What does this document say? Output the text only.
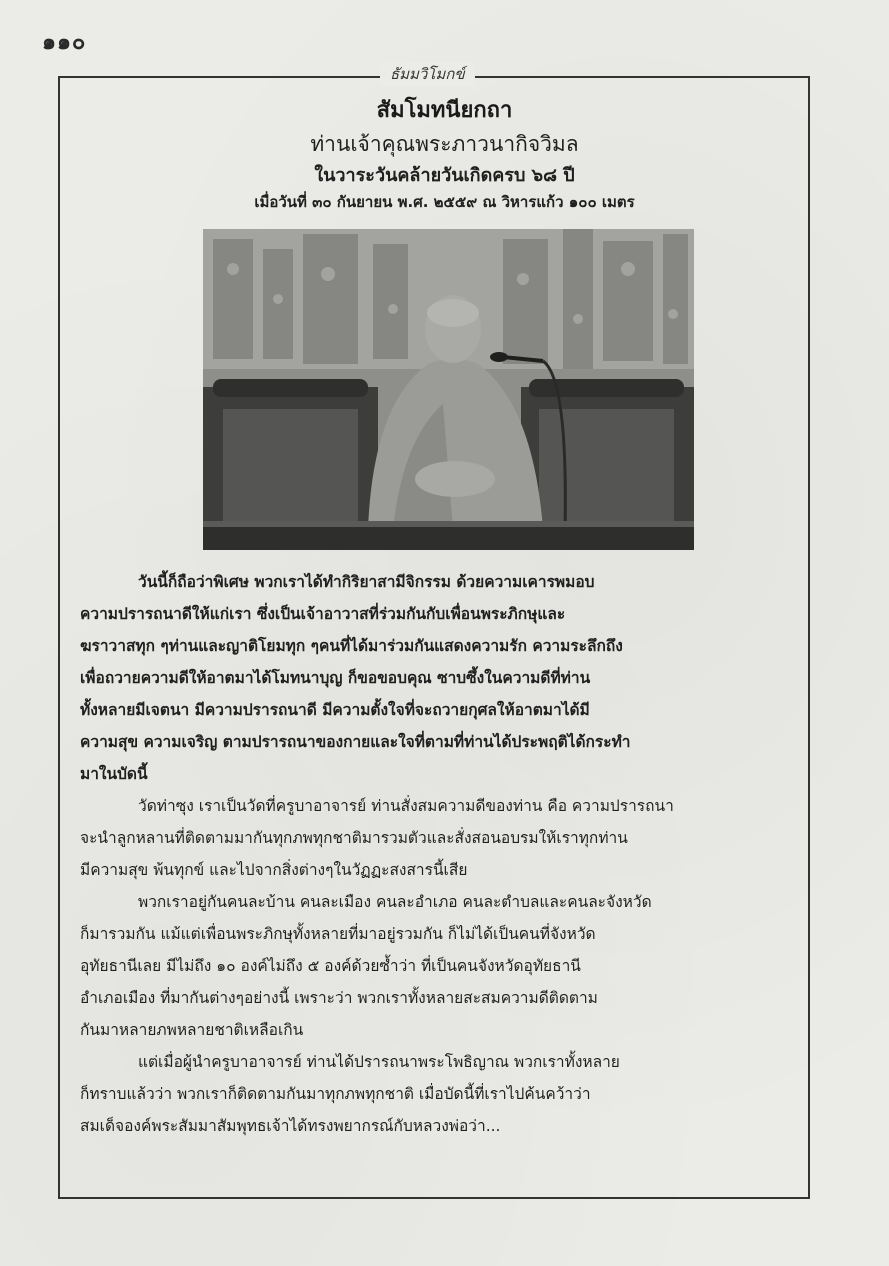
๑๑๐
ธัมมวิโมกข์
สัมโมทนียกถา
ท่านเจ้าคุณพระภาวนากิจวิมล
ในวาระวันคล้ายวันเกิดครบ ๖๘ ปี
เมื่อวันที่ ๓๐ กันยายน พ.ศ. ๒๕๕๙ ณ วิหารแก้ว ๑๐๐ เมตร
วันนี้ก็ถือว่าพิเศษ พวกเราได้ทำกิริยาสามีจิกรรม ด้วยความเคารพมอบ
ความปรารถนาดีให้แก่เรา ซึ่งเป็นเจ้าอาวาสที่ร่วมกันกับเพื่อนพระภิกษุและ
ฆราวาสทุก ๆท่านและญาติโยมทุก ๆคนที่ได้มาร่วมกันแสดงความรัก ความระลึกถึง
เพื่อถวายความดีให้อาตมาได้โมทนาบุญ ก็ขอขอบคุณ ซาบซึ้งในความดีที่ท่าน
ทั้งหลายมีเจตนา มีความปรารถนาดี มีความตั้งใจที่จะถวายกุศลให้อาตมาได้มี
ความสุข ความเจริญ ตามปรารถนาของกายและใจที่ตามที่ท่านได้ประพฤติได้กระทำ
มาในบัดนี้
วัดท่าซุง เราเป็นวัดที่ครูบาอาจารย์ ท่านสั่งสมความดีของท่าน คือ ความปรารถนา
จะนำลูกหลานที่ติดตามมากันทุกภพทุกชาติมารวมตัวและสั่งสอนอบรมให้เราทุกท่าน
มีความสุข พ้นทุกข์ และไปจากสิ่งต่างๆในวัฏฏะสงสารนี้เสีย
พวกเราอยู่กันคนละบ้าน คนละเมือง คนละอำเภอ คนละตำบลและคนละจังหวัด
ก็มารวมกัน แม้แต่เพื่อนพระภิกษุทั้งหลายที่มาอยู่รวมกัน ก็ไม่ได้เป็นคนที่จังหวัด
อุทัยธานีเลย มีไม่ถึง ๑๐ องค์ไม่ถึง ๕ องค์ด้วยซ้ำว่า ที่เป็นคนจังหวัดอุทัยธานี
อำเภอเมือง ที่มากันต่างๆอย่างนี้ เพราะว่า พวกเราทั้งหลายสะสมความดีติดตาม
กันมาหลายภพหลายชาติเหลือเกิน
แต่เมื่อผู้นำครูบาอาจารย์ ท่านได้ปรารถนาพระโพธิญาณ พวกเราทั้งหลาย
ก็ทราบแล้วว่า พวกเราก็ติดตามกันมาทุกภพทุกชาติ เมื่อบัดนี้ที่เราไปค้นคว้าว่า
สมเด็จองค์พระสัมมาสัมพุทธเจ้าได้ทรงพยากรณ์กับหลวงพ่อว่า...
